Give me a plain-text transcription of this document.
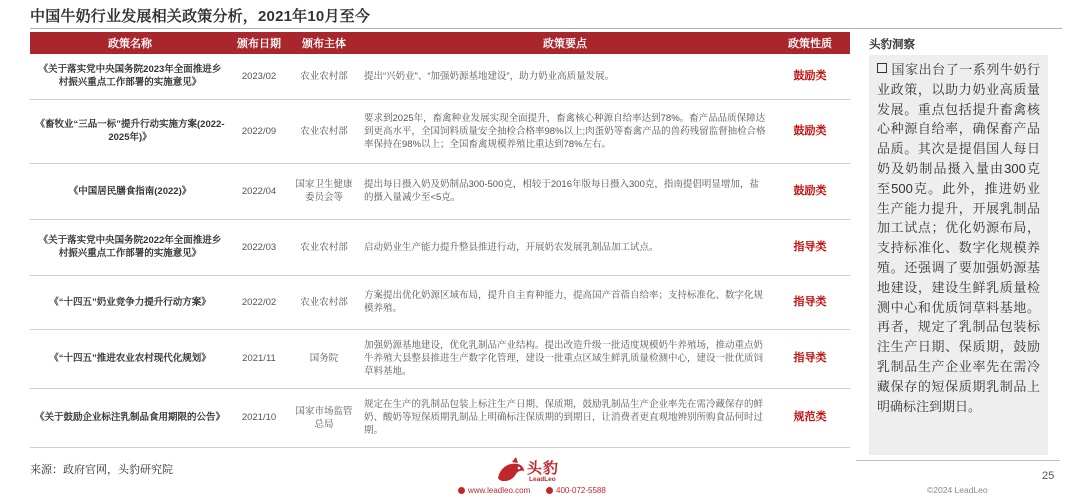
中国牛奶行业发展相关政策分析，2021年10月至今
政策名称	颁布日期	颁布主体	政策要点	政策性质
《关于落实党中央国务院2023年全面推进乡村振兴重点工作部署的实施意见》	2023/02	农业农村部	提出“兴奶业”、“加强奶源基地建设”，助力奶业高质量发展。	鼓励类
《畜牧业“三品一标”提升行动实施方案(2022-2025年)》	2022/09	农业农村部	要求到2025年，畜禽种业发展实现全面提升，畜禽核心种源自给率达到78%。畜产品品质保障达到更高水平，全国饲料质量安全抽检合格率98%以上;肉蛋奶等畜禽产品的兽药残留监督抽检合格率保持在98%以上；全国畜禽规模养殖比重达到78%左右。	鼓励类
《中国居民膳食指南(2022)》	2022/04	国家卫生健康委员会等	提出每日摄入奶及奶制品300-500克，相较于2016年版每日摄入300克，指南提倡明显增加，盐的摄入量减少至<5克。	鼓励类
《关于落实党中央国务院2022年全面推进乡村振兴重点工作部署的实施意见》	2022/03	农业农村部	启动奶业生产能力提升整县推进行动，开展奶农发展乳制品加工试点。	指导类
《“十四五”奶业竞争力提升行动方案》	2022/02	农业农村部	方案提出优化奶源区域布局，提升自主育种能力，提高国产首蓿自给率；支持标准化、数字化规模养殖。	指导类
《“十四五”推进农业农村现代化规划》	2021/11	国务院	加强奶源基地建设，优化乳制品产业结构。提出改造升级一批适度规模奶牛养殖场，推动重点奶牛养殖大县整县推进生产数字化管理，建设一批重点区域生鲜乳质量检测中心，建设一批优质饲草料基地。	指导类
《关于鼓励企业标注乳制品食用期限的公告》	2021/10	国家市场监管总局	规定在生产的乳制品包装上标注生产日期、保质期，鼓励乳制品生产企业率先在需冷藏保存的鲜奶、酸奶等短保质期乳制品上明确标注保质期的到期日，让消费者更直观地辨别所购食品何时过期。	规范类
头豹洞察
国家出台了一系列牛奶行业政策，以助力奶业高质量发展。重点包括提升畜禽核心种源自给率，确保畜产品品质。其次是提倡国人每日奶及奶制品摄入量由300克至500克。此外，推进奶业生产能力提升，开展乳制品加工试点；优化奶源布局，支持标准化、数字化规模养殖。还强调了要加强奶源基地建设，建设生鲜乳质量检测中心和优质饲草料基地。再者，规定了乳制品包装标注生产日期、保质期，鼓励乳制品生产企业率先在需冷藏保存的短保质期乳制品上明确标注到期日。
来源：政府官网，头豹研究院	头豹
LeadLeo
www.leadleo.com	400-072-5588
25
©2024 LeadLeo
